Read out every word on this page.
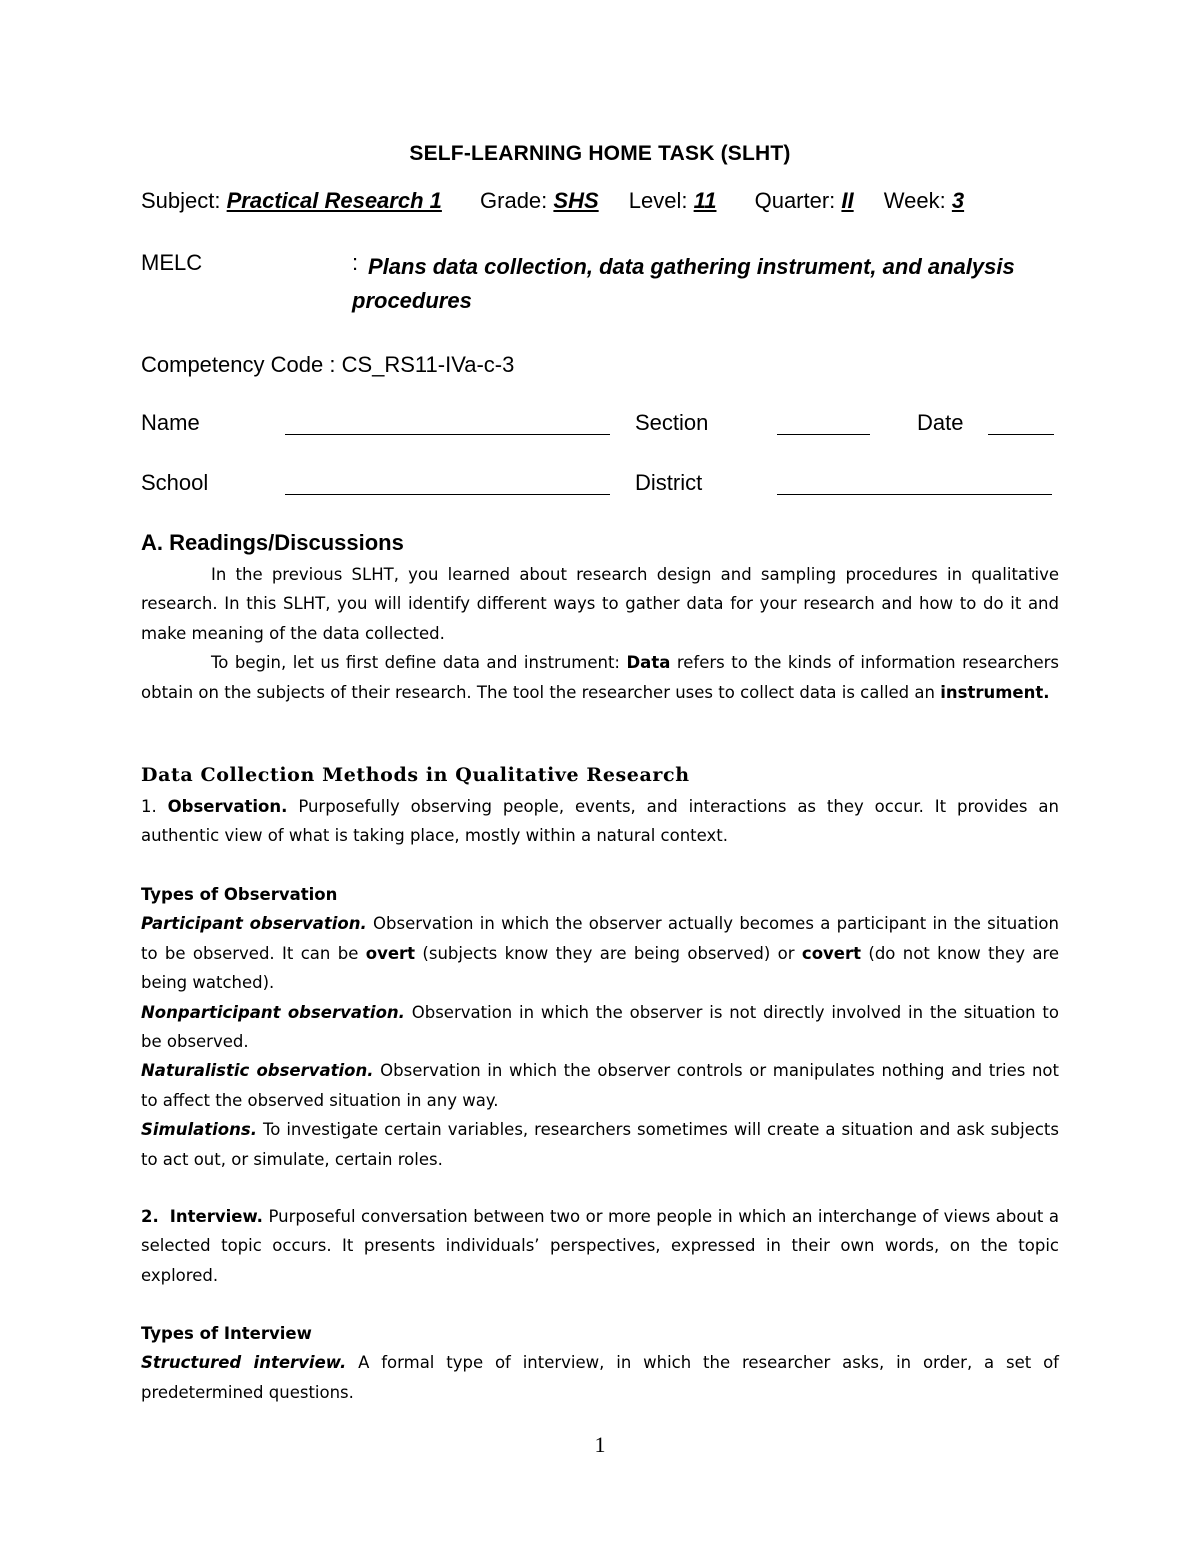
SELF-LEARNING HOME TASK (SLHT)
Subject: Practical Research 1 Grade: SHS Level: 11 Quarter: II Week: 3
MELC	: Plans data collection, data gathering instrument, and analysis
procedures
Competency Code : CS_RS11-IVa-c-3
Name	Section	Date
School	District
A. Readings/Discussions

In the previous SLHT, you learned about research design and sampling procedures in qualitative research. In this SLHT, you will identify different ways to gather data for your research and how to do it and make meaning of the data collected.

To begin, let us first define data and instrument: Data refers to the kinds of information researchers obtain on the subjects of their research. The tool the researcher uses to collect data is called an instrument.

Data Collection Methods in Qualitative Research

1. Observation. Purposefully observing people, events, and interactions as they occur. It provides an authentic view of what is taking place, mostly within a natural context.

Types of Observation

Participant observation. Observation in which the observer actually becomes a participant in the situation to be observed. It can be overt (subjects know they are being observed) or covert (do not know they are being watched).

Nonparticipant observation. Observation in which the observer is not directly involved in the situation to be observed.

Naturalistic observation. Observation in which the observer controls or manipulates nothing and tries not to affect the observed situation in any way.

Simulations. To investigate certain variables, researchers sometimes will create a situation and ask subjects to act out, or simulate, certain roles.

2. Interview. Purposeful conversation between two or more people in which an interchange of views about a selected topic occurs. It presents individuals’ perspectives, expressed in their own words, on the topic explored.

Types of Interview

Structured interview. A formal type of interview, in which the researcher asks, in order, a set of predetermined questions.

1
